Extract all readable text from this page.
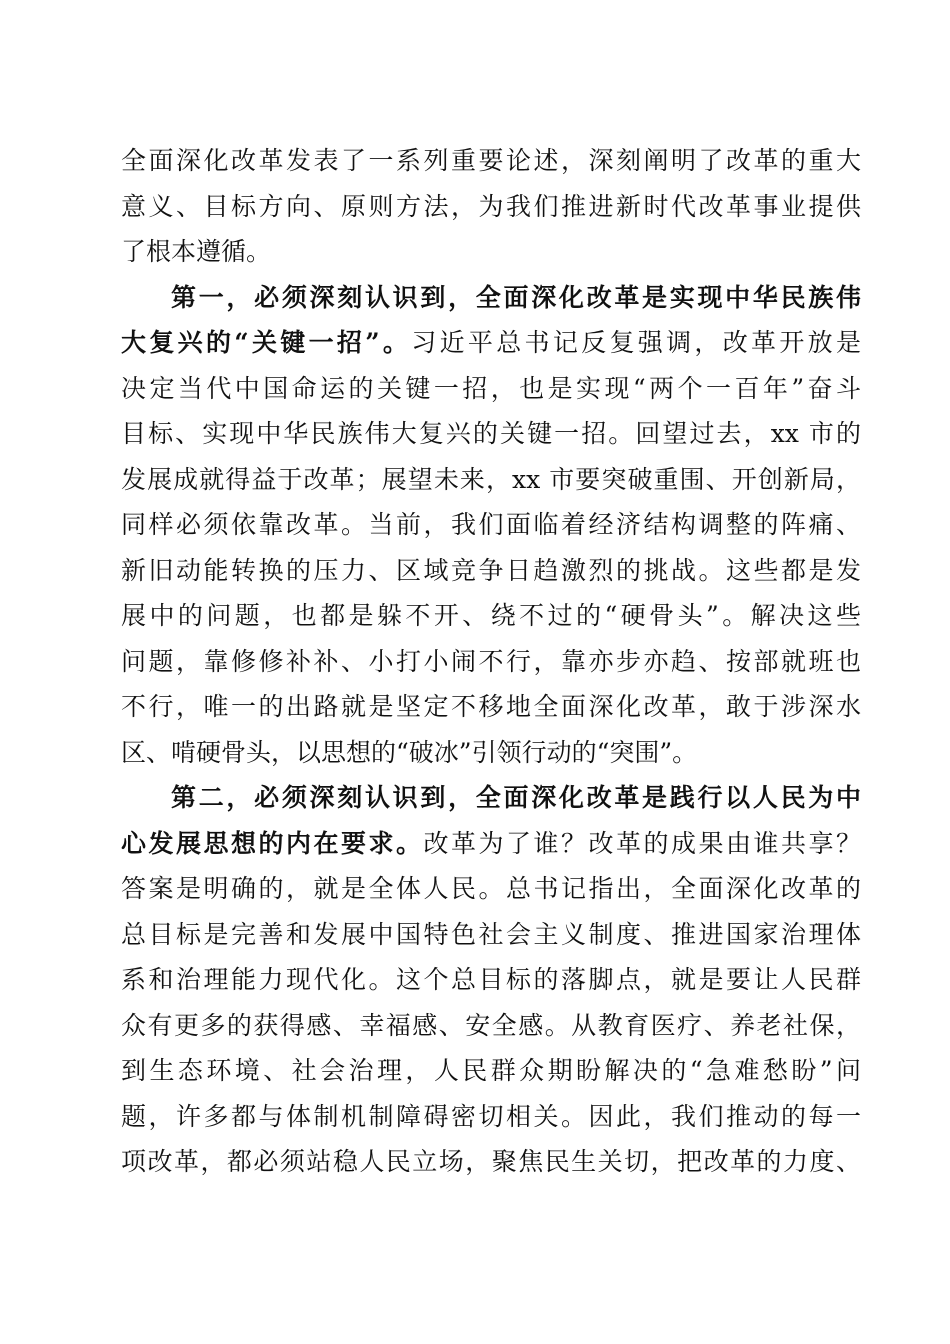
全面深化改革发表了一系列重要论述，深刻阐明了改革的重大
意义、目标方向、原则方法，为我们推进新时代改革事业提供
了根本遵循。
第一，必须深刻认识到，全面深化改革是实现中华民族伟
大复兴的“关键一招”。习近平总书记反复强调，改革开放是
决定当代中国命运的关键一招，也是实现“两个一百年”奋斗
目标、实现中华民族伟大复兴的关键一招。回望过去，xx 市的
发展成就得益于改革；展望未来，xx 市要突破重围、开创新局，
同样必须依靠改革。当前，我们面临着经济结构调整的阵痛、
新旧动能转换的压力、区域竞争日趋激烈的挑战。这些都是发
展中的问题，也都是躲不开、绕不过的“硬骨头”。解决这些
问题，靠修修补补、小打小闹不行，靠亦步亦趋、按部就班也
不行，唯一的出路就是坚定不移地全面深化改革，敢于涉深水
区、啃硬骨头，以思想的“破冰”引领行动的“突围”。
第二，必须深刻认识到，全面深化改革是践行以人民为中
心发展思想的内在要求。改革为了谁？改革的成果由谁共享？
答案是明确的，就是全体人民。总书记指出，全面深化改革的
总目标是完善和发展中国特色社会主义制度、推进国家治理体
系和治理能力现代化。这个总目标的落脚点，就是要让人民群
众有更多的获得感、幸福感、安全感。从教育医疗、养老社保，
到生态环境、社会治理，人民群众期盼解决的“急难愁盼”问
题，许多都与体制机制障碍密切相关。因此，我们推动的每一
项改革，都必须站稳人民立场，聚焦民生关切，把改革的力度、
